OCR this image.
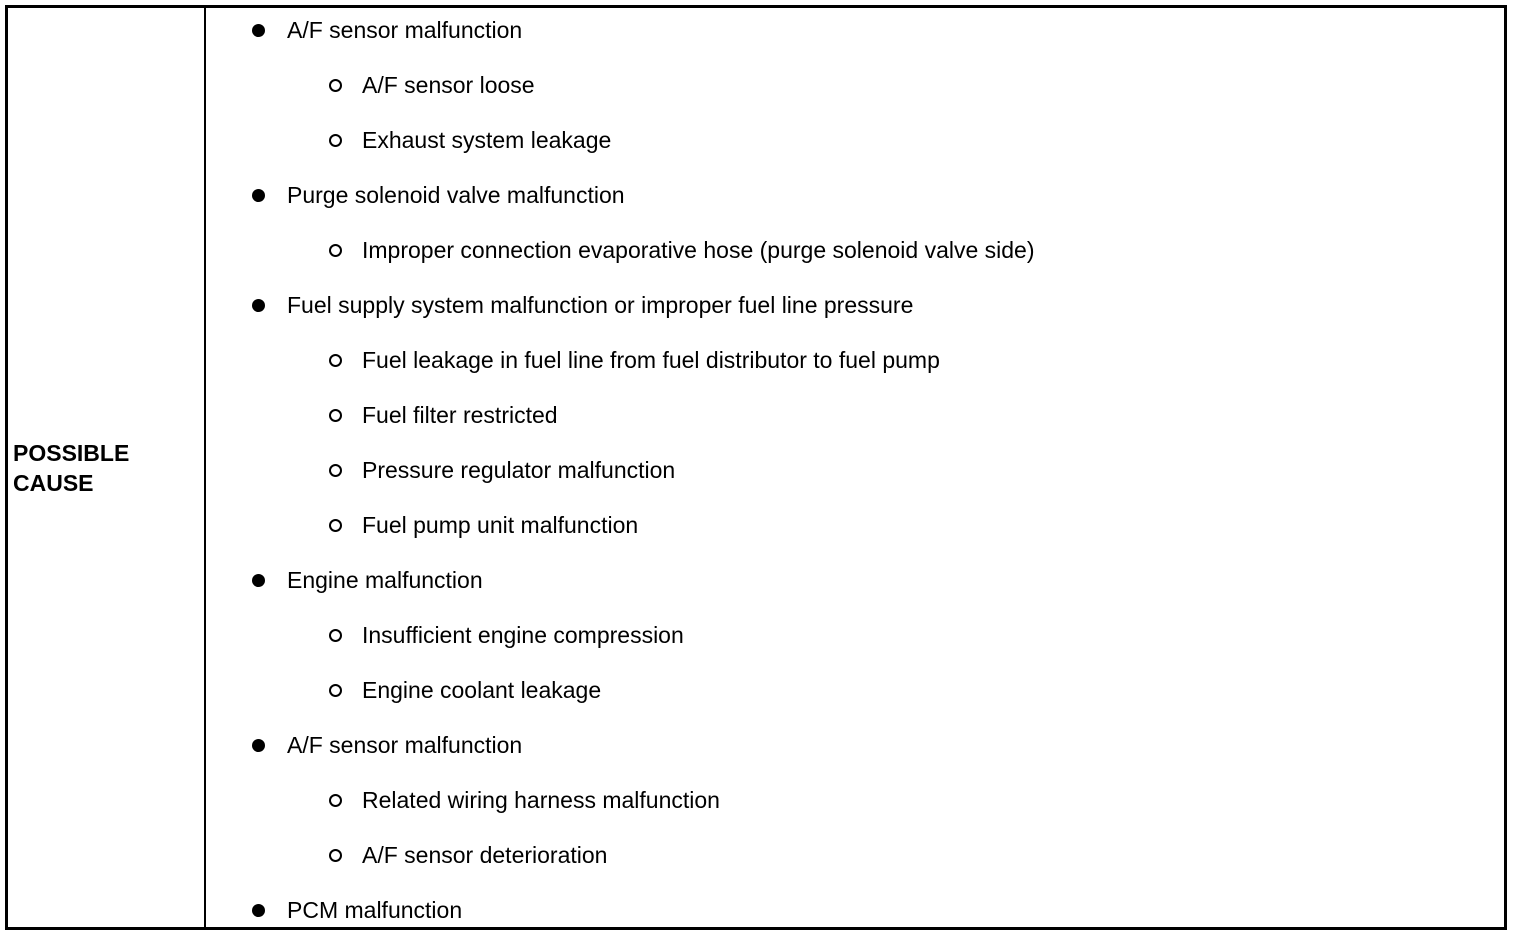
POSSIBLE
CAUSE
A/F sensor malfunction
A/F sensor loose
Exhaust system leakage
Purge solenoid valve malfunction
Improper connection evaporative hose (purge solenoid valve side)
Fuel supply system malfunction or improper fuel line pressure
Fuel leakage in fuel line from fuel distributor to fuel pump
Fuel filter restricted
Pressure regulator malfunction
Fuel pump unit malfunction
Engine malfunction
Insufficient engine compression
Engine coolant leakage
A/F sensor malfunction
Related wiring harness malfunction
A/F sensor deterioration
PCM malfunction
